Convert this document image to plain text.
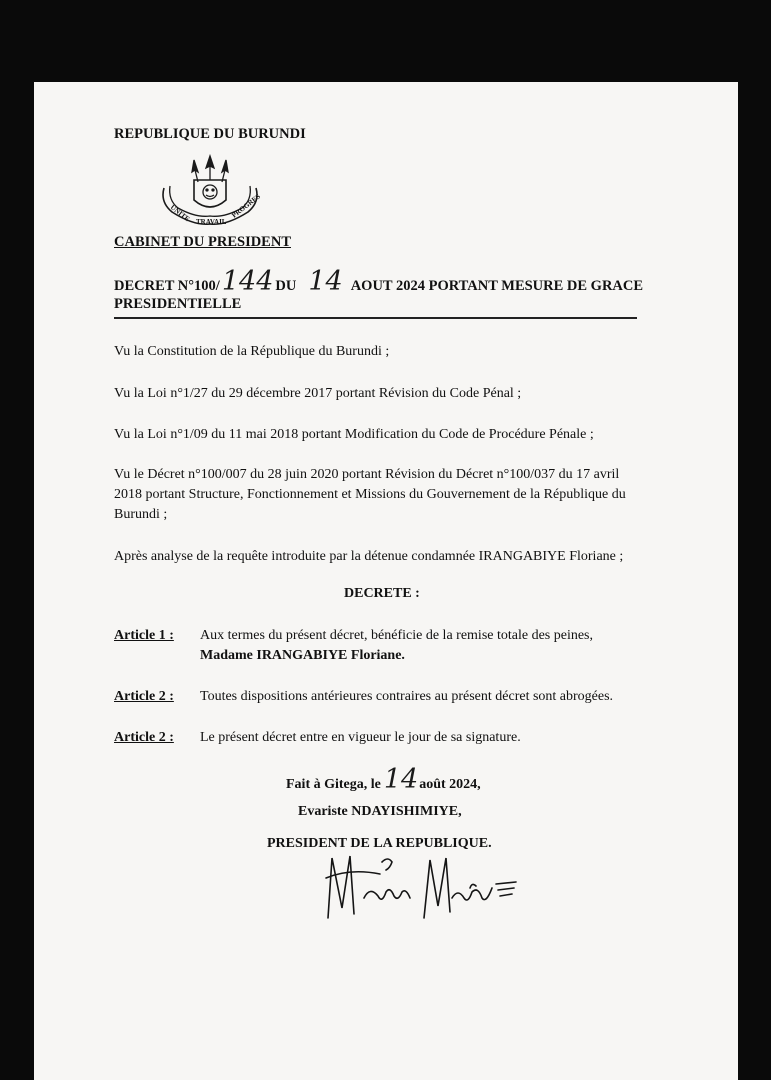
REPUBLIQUE DU BURUNDI
UNITE TRAVAIL
PROGRES
CABINET DU PRESIDENT
DECRET N°100/144 DU 14 AOUT 2024 PORTANT MESURE DE GRACE
PRESIDENTIELLE
Vu la Constitution de la République du Burundi ;
Vu la Loi n°1/27 du 29 décembre 2017 portant Révision du Code Pénal ;
Vu la Loi n°1/09 du 11 mai 2018 portant Modification du Code de Procédure Pénale ;
Vu le Décret n°100/007 du 28 juin 2020 portant Révision du Décret n°100/037 du 17 avril
2018 portant Structure, Fonctionnement et Missions du Gouvernement de la République du
Burundi ;
Après analyse de la requête introduite par la détenue condamnée IRANGABIYE Floriane ;
DECRETE :
Article 1 : Aux termes du présent décret, bénéficie de la remise totale des peines,
Madame IRANGABIYE Floriane.
Article 2 : Toutes dispositions antérieures contraires au présent décret sont abrogées.
Article 2 : Le présent décret entre en vigueur le jour de sa signature.
Fait à Gitega, le 14août 2024,
Evariste NDAYISHIMIYE,
PRESIDENT DE LA REPUBLIQUE.
